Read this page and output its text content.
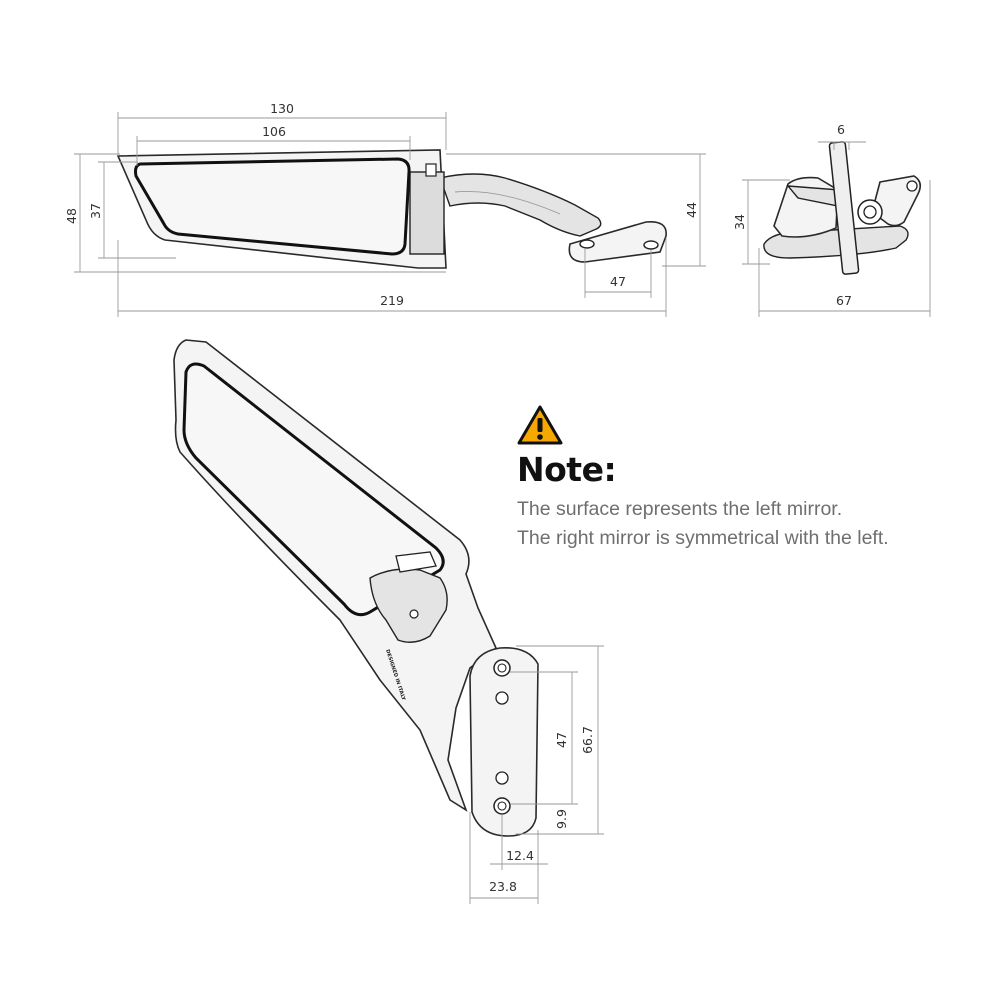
130
106
48 37	44
47
219
6
34
67
DESIGNED IN ITALY
47 66.7
9.9
12.4
23.8
Note:
The surface represents the left mirror.
The right mirror is symmetrical with the left.
